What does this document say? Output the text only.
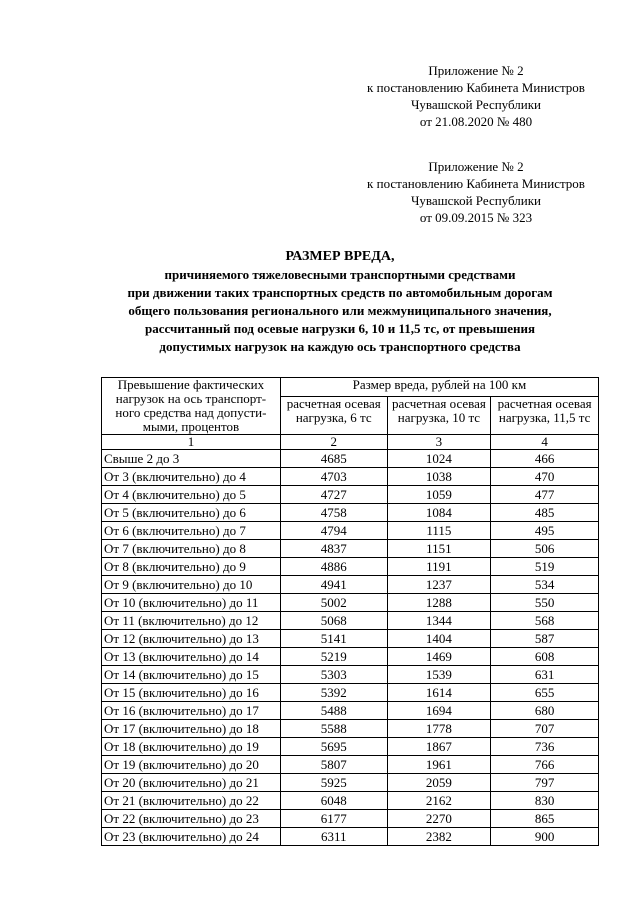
Приложение № 2
к постановлению Кабинета Министров
Чувашской Республики
от 21.08.2020 № 480
Приложение № 2
к постановлению Кабинета Министров
Чувашской Республики
от 09.09.2015 № 323
РАЗМЕР ВРЕДА,
причиняемого тяжеловесными транспортными средствами
при движении таких транспортных средств по автомобильным дорогам
общего пользования регионального или межмуниципального значения,
рассчитанный под осевые нагрузки 6, 10 и 11,5 тс, от превышения
допустимых нагрузок на каждую ось транспортного средства
Превышение фактических нагрузок на ось транспорт-ного средства над допусти-мыми, процентов	Размер вреда, рублей на 100 км		
	расчетная осевая нагрузка, 6 тс	расчетная осевая нагрузка, 10 тс	расчетная осевая нагрузка, 11,5 тс
1	2	3	4
Свыше 2 до 3	4685	1024	466
От 3 (включительно) до 4	4703	1038	470
От 4 (включительно) до 5	4727	1059	477
От 5 (включительно) до 6	4758	1084	485
От 6 (включительно) до 7	4794	1115	495
От 7 (включительно) до 8	4837	1151	506
От 8 (включительно) до 9	4886	1191	519
От 9 (включительно) до 10	4941	1237	534
От 10 (включительно) до 11	5002	1288	550
От 11 (включительно) до 12	5068	1344	568
От 12 (включительно) до 13	5141	1404	587
От 13 (включительно) до 14	5219	1469	608
От 14 (включительно) до 15	5303	1539	631
От 15 (включительно) до 16	5392	1614	655
От 16 (включительно) до 17	5488	1694	680
От 17 (включительно) до 18	5588	1778	707
От 18 (включительно) до 19	5695	1867	736
От 19 (включительно) до 20	5807	1961	766
От 20 (включительно) до 21	5925	2059	797
От 21 (включительно) до 22	6048	2162	830
От 22 (включительно) до 23	6177	2270	865
От 23 (включительно) до 24	6311	2382	900
